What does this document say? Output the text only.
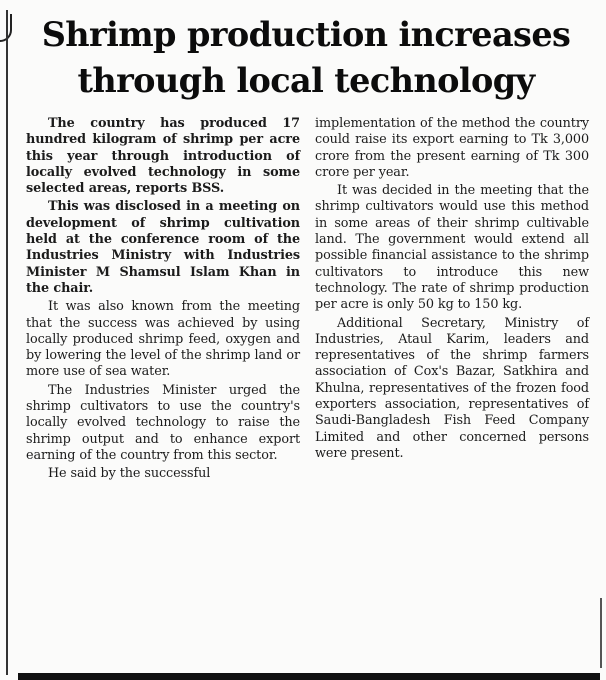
Shrimp production increases
through local technology

The country has produced 17 hundred kilogram of shrimp per acre this year through introduction of locally evolved technology in some selected areas, reports BSS.

This was disclosed in a meeting on development of shrimp cultivation held at the conference room of the Industries Ministry with Industries Minister M Shamsul Islam Khan in the chair.

It was also known from the meeting that the success was achieved by using locally produced shrimp feed, oxygen and by lowering the level of the shrimp land or more use of sea water.

The Industries Minister urged the shrimp cultivators to use the country's locally evolved technology to raise the shrimp output and to enhance export earning of the country from this sector.

He said by the successful

implementation of the method the country could raise its export earning to Tk 3,000 crore from the present earning of Tk 300 crore per year.

It was decided in the meeting that the shrimp cultivators would use this method in some areas of their shrimp cultivable land. The government would extend all possible financial assistance to the shrimp cultivators to introduce this new technology. The rate of shrimp production per acre is only 50 kg to 150 kg.

Additional Secretary, Ministry of Industries, Ataul Karim, leaders and representatives of the shrimp farmers association of Cox's Bazar, Satkhira and Khulna, representatives of the frozen food exporters association, representatives of Saudi-Bangladesh Fish Feed Company Limited and other concerned persons were present.
